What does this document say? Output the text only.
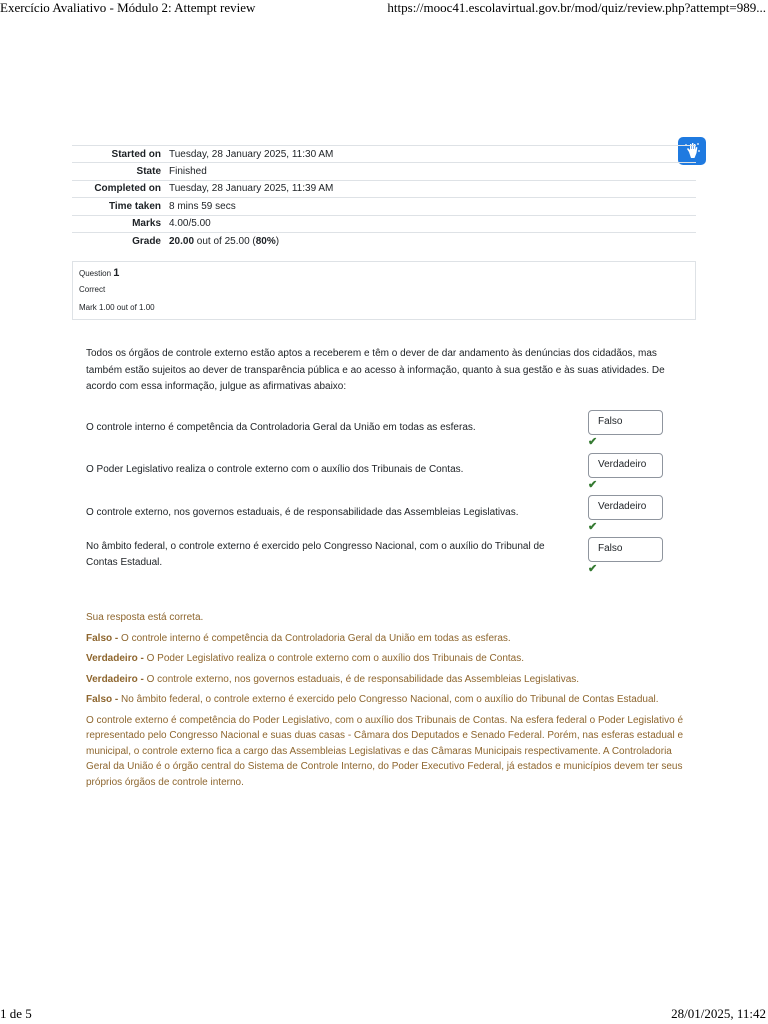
Exercício Avaliativo - Módulo 2: Attempt review	https://mooc41.escolavirtual.gov.br/mod/quiz/review.php?attempt=989...
Started on Tuesday, 28 January 2025, 11:30 AM
State Finished
Completed on Tuesday, 28 January 2025, 11:39 AM
Time taken 8 mins 59 secs
Marks 4.00/5.00
Grade 20.00 out of 25.00 (80%)
Question 1
Correct
Mark 1.00 out of 1.00
Todos os órgãos de controle externo estão aptos a receberem e têm o dever de dar andamento às denúncias dos cidadãos, mas também estão sujeitos ao dever de transparência pública e ao acesso à informação, quanto à sua gestão e às suas atividades. De acordo com essa informação, julgue as afirmativas abaixo:
O controle interno é competência da Controladoria Geral da União em todas as esferas.
Falso
✔
O Poder Legislativo realiza o controle externo com o auxílio dos Tribunais de Contas.	Verdadeiro
✔
O controle externo, nos governos estaduais, é de responsabilidade das Assembleias Legislativas.
Verdadeiro
✔
No âmbito federal, o controle externo é exercido pelo Congresso Nacional, com o auxílio do Tribunal de Contas Estadual.
Falso
✔

Sua resposta está correta.

Falso - O controle interno é competência da Controladoria Geral da União em todas as esferas.

Verdadeiro - O Poder Legislativo realiza o controle externo com o auxílio dos Tribunais de Contas.

Verdadeiro - O controle externo, nos governos estaduais, é de responsabilidade das Assembleias Legislativas.

Falso - No âmbito federal, o controle externo é exercido pelo Congresso Nacional, com o auxílio do Tribunal de Contas Estadual.

O controle externo é competência do Poder Legislativo, com o auxílio dos Tribunais de Contas. Na esfera federal o Poder Legislativo é representado pelo Congresso Nacional e suas duas casas - Câmara dos Deputados e Senado Federal. Porém, nas esferas estadual e municipal, o controle externo fica a cargo das Assembleias Legislativas e das Câmaras Municipais respectivamente. A Controladoria Geral da União é o órgão central do Sistema de Controle Interno, do Poder Executivo Federal, já estados e municípios devem ter seus próprios órgãos de controle interno.

1 de 5	28/01/2025, 11:42
